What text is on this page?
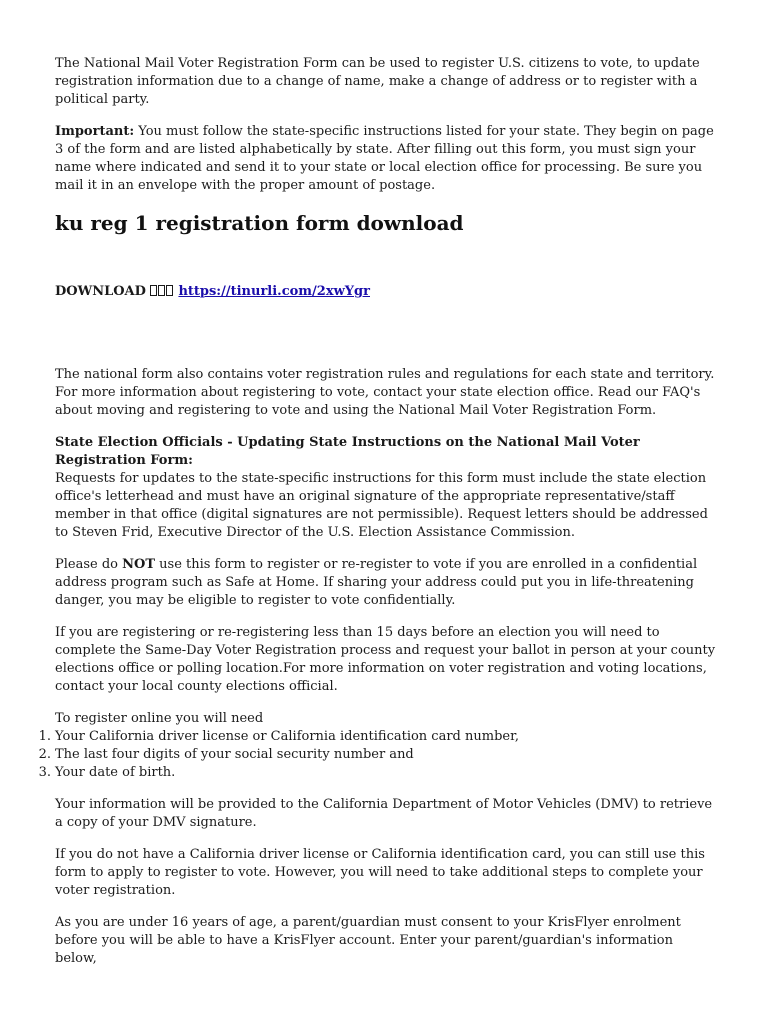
The National Mail Voter Registration Form can be used to register U.S. citizens to vote, to update registration information due to a change of name, make a change of address or to register with a political party.

Important: You must follow the state-specific instructions listed for your state. They begin on page 3 of the form and are listed alphabetically by state. After filling out this form, you must sign your name where indicated and send it to your state or local election office for processing. Be sure you mail it in an envelope with the proper amount of postage.

ku reg 1 registration form download

DOWNLOAD	https://tinurli.com/2xwYgr

The national form also contains voter registration rules and regulations for each state and territory. For more information about registering to vote, contact your state election office. Read our FAQ's about moving and registering to vote and using the National Mail Voter Registration Form.

State Election Officials - Updating State Instructions on the National Mail Voter Registration Form:
Requests for updates to the state-specific instructions for this form must include the state election office's letterhead and must have an original signature of the appropriate representative/staff member in that office (digital signatures are not permissible). Request letters should be addressed to Steven Frid, Executive Director of the U.S. Election Assistance Commission.

Please do NOT use this form to register or re-register to vote if you are enrolled in a confidential address program such as Safe at Home. If sharing your address could put you in life-threatening danger, you may be eligible to register to vote confidentially.

If you are registering or re-registering less than 15 days before an election you will need to complete the Same-Day Voter Registration process and request your ballot in person at your county elections office or polling location.For more information on voter registration and voting locations, contact your local county elections official.

To register online you will need

1. Your California driver license or California identification card number,
2. The last four digits of your social security number and
3. Your date of birth.

Your information will be provided to the California Department of Motor Vehicles (DMV) to retrieve a copy of your DMV signature.

If you do not have a California driver license or California identification card, you can still use this form to apply to register to vote. However, you will need to take additional steps to complete your voter registration.

As you are under 16 years of age, a parent/guardian must consent to your KrisFlyer enrolment before you will be able to have a KrisFlyer account. Enter your parent/guardian's information below,
